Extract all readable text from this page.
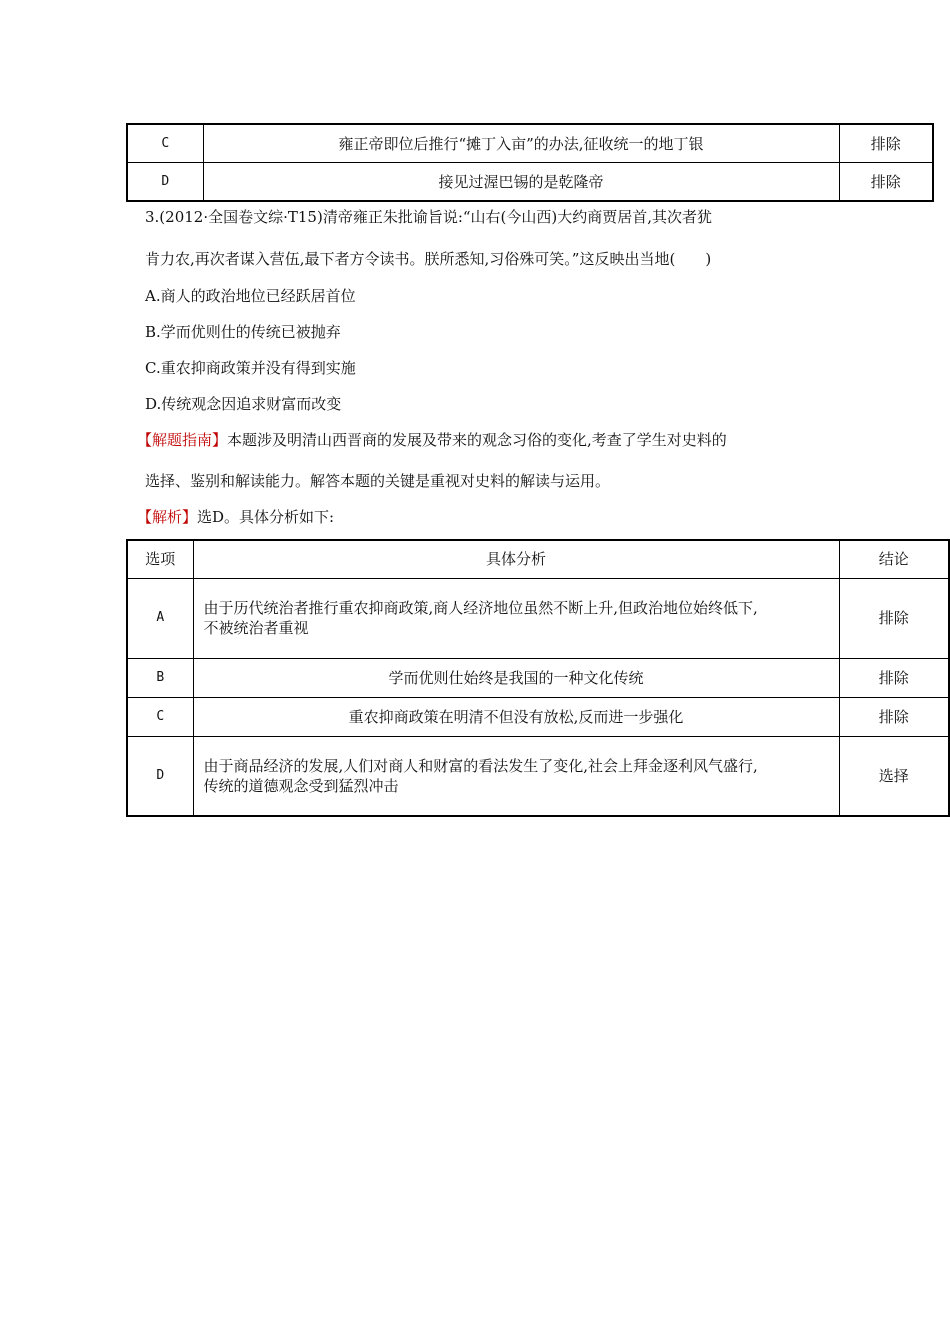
C	雍正帝即位后推行“摊丁入亩”的办法,征收统一的地丁银	排除
D	接见过渥巴锡的是乾隆帝	排除
3.(2012·全国卷文综·T15)清帝雍正朱批谕旨说:“山右(今山西)大约商贾居首,其次者犹
肯力农,再次者谋入营伍,最下者方令读书。朕所悉知,习俗殊可笑。”这反映出当地(　　)
A.商人的政治地位已经跃居首位
B.学而优则仕的传统已被抛弃
C.重农抑商政策并没有得到实施
D.传统观念因追求财富而改变
【解题指南】本题涉及明清山西晋商的发展及带来的观念习俗的变化,考查了学生对史料的
选择、鉴别和解读能力。解答本题的关键是重视对史料的解读与运用。
【解析】选D。具体分析如下:
选项	具体分析	结论
A	由于历代统治者推行重农抑商政策,商人经济地位虽然不断上升,但政治地位始终低下,
不被统治者重视	排除
B	学而优则仕始终是我国的一种文化传统	排除
C	重农抑商政策在明清不但没有放松,反而进一步强化	排除
D	由于商品经济的发展,人们对商人和财富的看法发生了变化,社会上拜金逐利风气盛行,
传统的道德观念受到猛烈冲击	选择
